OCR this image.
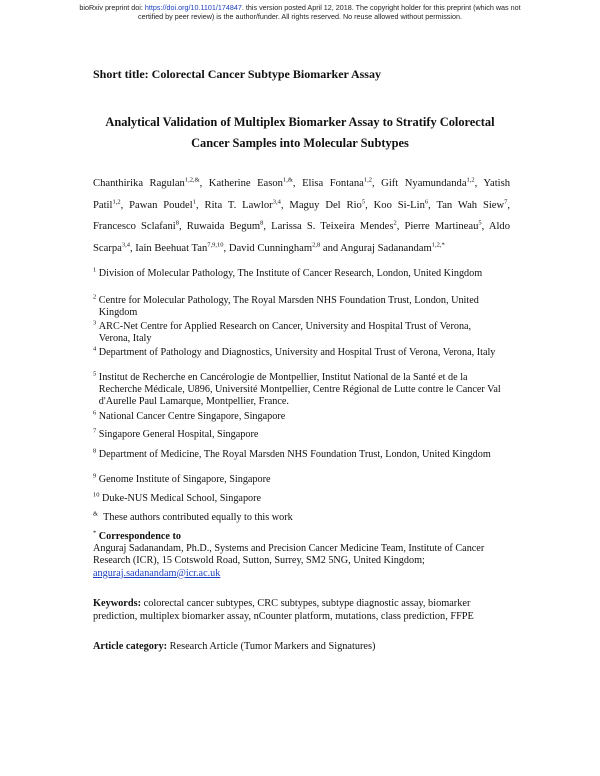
bioRxiv preprint doi: https://doi.org/10.1101/174847. this version posted April 12, 2018. The copyright holder for this preprint (which was not
certified by peer review) is the author/funder. All rights reserved. No reuse allowed without permission.
Short title: Colorectal Cancer Subtype Biomarker Assay
Analytical Validation of Multiplex Biomarker Assay to Stratify Colorectal
Cancer Samples into Molecular Subtypes
Chanthirika Ragulan$^{1,2,\&}$, Katherine Eason$^{1,\&}$, Elisa Fontana$^{1,2}$, Gift Nyamundanda$^{1,2}$, Yatish Patil$^{1,2}$, Pawan Poudel$^1$, Rita T. Lawlor$^{3,4}$, Maguy Del Rio$^5$, Koo Si-Lin$^6$, Tan Wah Siew$^7$, Francesco Sclafani$^8$, Ruwaida Begum$^8$, Larissa S. Teixeira Mendes$^2$, Pierre Martineau$^5$, Aldo Scarpa$^{3,4}$, Iain Beehuat Tan$^{7,9,10}$, David Cunningham$^{2,8}$ and Anguraj Sadanandam$^{1,2,*}$
$^1$ Division of Molecular Pathology, The Institute of Cancer Research, London, United Kingdom
$^2$ Centre for Molecular Pathology, The Royal Marsden NHS Foundation Trust, London, United Kingdom
$^3$ ARC-Net Centre for Applied Research on Cancer, University and Hospital Trust of Verona, Verona, Italy
$^4$ Department of Pathology and Diagnostics, University and Hospital Trust of Verona, Verona, Italy
$^5$ Institut de Recherche en Cancérologie de Montpellier, Institut National de la Santé et de la Recherche Médicale, U896, Université Montpellier, Centre Régional de Lutte contre le Cancer Val d'Aurelle Paul Lamarque, Montpellier, France.
$^6$ National Cancer Centre Singapore, Singapore
$^7$ Singapore General Hospital, Singapore
$^8$ Department of Medicine, The Royal Marsden NHS Foundation Trust, London, United Kingdom
$^9$ Genome Institute of Singapore, Singapore
$^{10}$ Duke-NUS Medical School, Singapore
& These authors contributed equally to this work
* Correspondence to
Anguraj Sadanandam, Ph.D., Systems and Precision Cancer Medicine Team, Institute of Cancer Research (ICR), 15 Cotswold Road, Sutton, Surrey, SM2 5NG, United Kingdom;
anguraj.sadanandam@icr.ac.uk
Keywords: colorectal cancer subtypes, CRC subtypes, subtype diagnostic assay, biomarker prediction, multiplex biomarker assay, nCounter platform, mutations, class prediction, FFPE
Article category: Research Article (Tumor Markers and Signatures)
